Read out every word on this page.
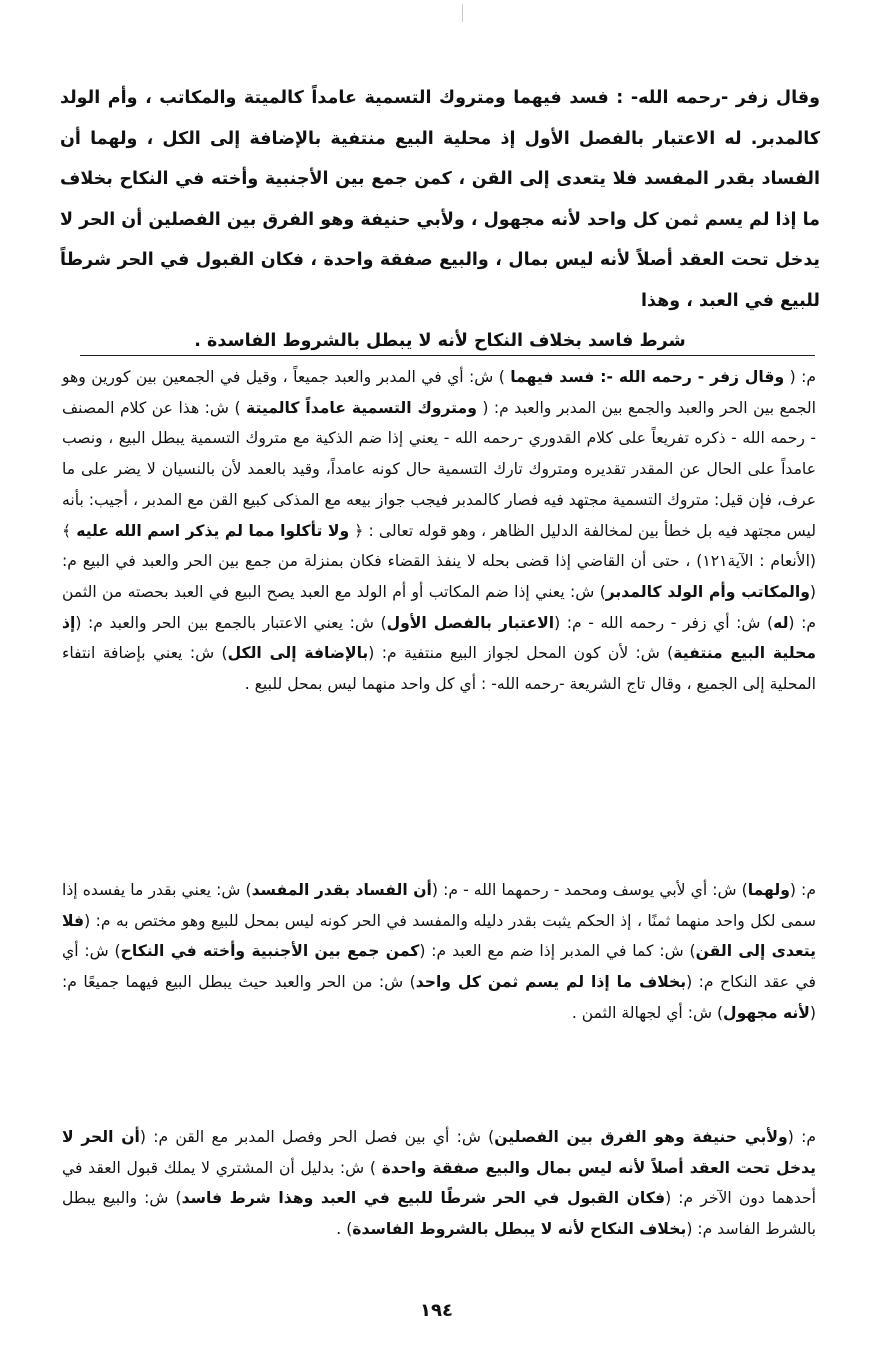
وقال زفر -رحمه الله- : فسد فيهما ومتروك التسمية عامداً كالميتة والمكاتب ، وأم الولد كالمدبر. له الاعتبار بالفصل الأول إذ محلية البيع منتفية بالإضافة إلى الكل ، ولهما أن الفساد بقدر المفسد فلا يتعدى إلى القن ، كمن جمع بين الأجنبية وأخته في النكاح بخلاف ما إذا لم يسم ثمن كل واحد لأنه مجهول ، ولأبي حنيفة وهو الفرق بين الفصلين أن الحر لا يدخل تحت العقد أصلاً لأنه ليس بمال ، والبيع صفقة واحدة ، فكان القبول في الحر شرطاً للبيع في العبد ، وهذا
شرط فاسد بخلاف النكاح لأنه لا يبطل بالشروط الفاسدة .

م: ( وقال زفر - رحمه الله -: فسد فيهما ) ش: أي في المدبر والعبد جميعاً ، وقيل في الجمعين بين كورين وهو الجمع بين الحر والعبد والجمع بين المدبر والعبد م: ( ومتروك التسمية عامداً كالميتة ) ش: هذا عن كلام المصنف - رحمه الله - ذكره تفريعاً على كلام القدوري -رحمه الله - يعني إذا ضم الذكية مع متروك التسمية يبطل البيع ، ونصب عامداً على الحال عن المقدر تقديره ومتروك تارك التسمية حال كونه عامداً، وقيد بالعمد لأن بالنسيان لا يضر على ما عرف، فإن قيل: متروك التسمية مجتهد فيه فصار كالمدبر فيجب جواز بيعه مع المذكى كبيع القن مع المدبر ، أجيب: بأنه ليس مجتهد فيه بل خطأ بين لمخالفة الدليل الظاهر ، وهو قوله تعالى : ﴿ ولا تأكلوا مما لم يذكر اسم الله عليه ﴾ (الأنعام : الآية١٢١) ، حتى أن القاضي إذا قضى بحله لا ينفذ القضاء فكان بمنزلة من جمع بين الحر والعبد في البيع م: (والمكاتب وأم الولد كالمدبر) ش: يعني إذا ضم المكاتب أو أم الولد مع العبد يصح البيع في العبد بحصته من الثمن م: (له) ش: أي زفر - رحمه الله - م: (الاعتبار بالفصل الأول) ش: يعني الاعتبار بالجمع بين الحر والعبد م: (إذ محلية البيع منتفية) ش: لأن كون المحل لجواز البيع منتفية م: (بالإضافة إلى الكل) ش: يعني بإضافة انتفاء المحلية إلى الجميع ، وقال تاج الشريعة -رحمه الله- : أي كل واحد منهما ليس بمحل للبيع .

م: (ولهما) ش: أي لأبي يوسف ومحمد - رحمهما الله - م: (أن الفساد بقدر المفسد) ش: يعني بقدر ما يفسده إذا سمى لكل واحد منهما ثمنًا ، إذ الحكم يثبت بقدر دليله والمفسد في الحر كونه ليس بمحل للبيع وهو مختص به م: (فلا يتعدى إلى القن) ش: كما في المدبر إذا ضم مع العبد م: (كمن جمع بين الأجنبية وأخته في النكاح) ش: أي في عقد النكاح م: (بخلاف ما إذا لم يسم ثمن كل واحد) ش: من الحر والعبد حيث يبطل البيع فيهما جميعًا م: (لأنه مجهول) ش: أي لجهالة الثمن .

م: (ولأبي حنيفة وهو الفرق بين الفصلين) ش: أي بين فصل الحر وفصل المدبر مع القن م: (أن الحر لا يدخل تحت العقد أصلاً لأنه ليس بمال والبيع صفقة واحدة ) ش: بدليل أن المشتري لا يملك قبول العقد في أحدهما دون الآخر م: (فكان القبول في الحر شرطًا للبيع في العبد وهذا شرط فاسد) ش: والبيع يبطل بالشرط الفاسد م: (بخلاف النكاح لأنه لا يبطل بالشروط الفاسدة) .

١٩٤
